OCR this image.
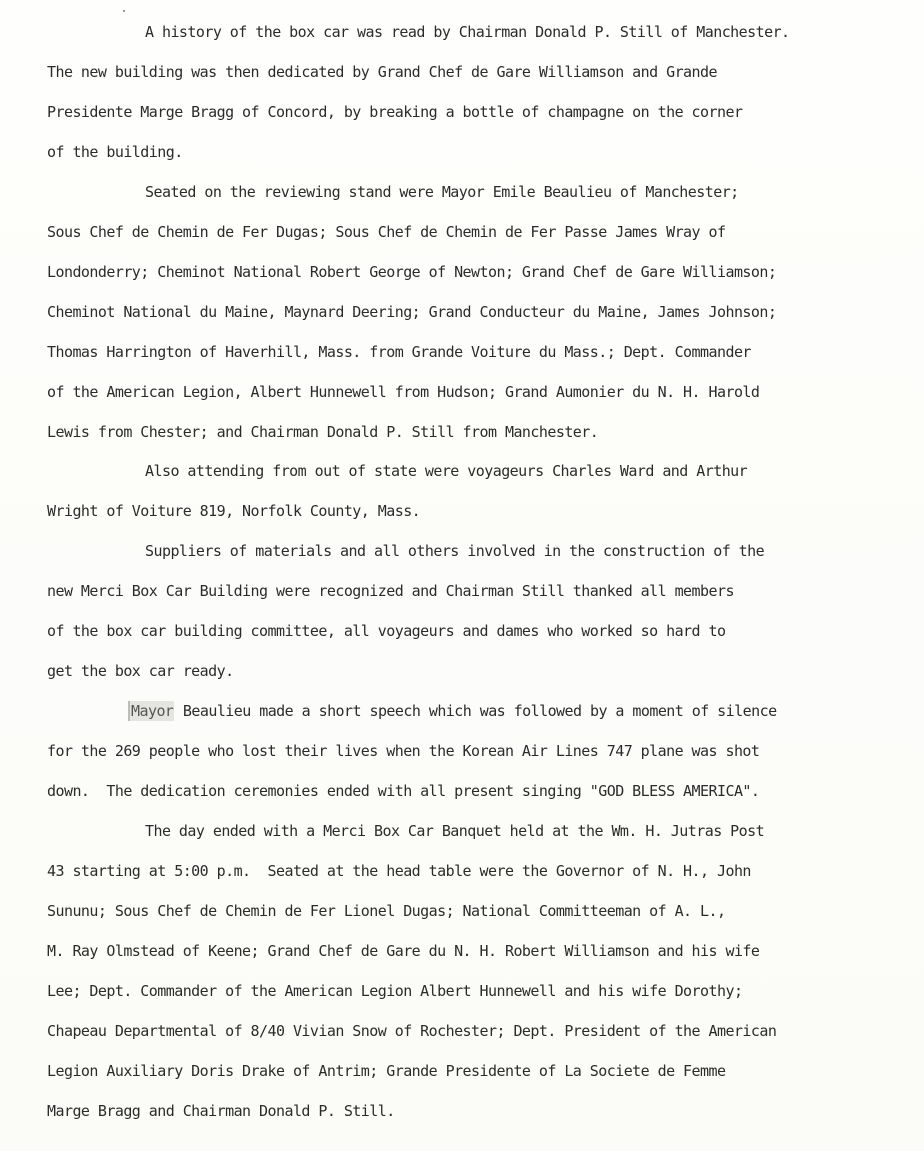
A history of the box car was read by Chairman Donald P. Still of Manchester.
The new building was then dedicated by Grand Chef de Gare Williamson and Grande
Presidente Marge Bragg of Concord, by breaking a bottle of champagne on the corner
of the building.
Seated on the reviewing stand were Mayor Emile Beaulieu of Manchester;
Sous Chef de Chemin de Fer Dugas; Sous Chef de Chemin de Fer Passe James Wray of
Londonderry; Cheminot National Robert George of Newton; Grand Chef de Gare Williamson;
Cheminot National du Maine, Maynard Deering; Grand Conducteur du Maine, James Johnson;
Thomas Harrington of Haverhill, Mass. from Grande Voiture du Mass.; Dept. Commander
of the American Legion, Albert Hunnewell from Hudson; Grand Aumonier du N. H. Harold
Lewis from Chester; and Chairman Donald P. Still from Manchester.
Also attending from out of state were voyageurs Charles Ward and Arthur
Wright of Voiture 819, Norfolk County, Mass.
Suppliers of materials and all others involved in the construction of the
new Merci Box Car Building were recognized and Chairman Still thanked all members
of the box car building committee, all voyageurs and dames who worked so hard to
get the box car ready.
Mayor Beaulieu made a short speech which was followed by a moment of silence
for the 269 people who lost their lives when the Korean Air Lines 747 plane was shot
down.  The dedication ceremonies ended with all present singing "GOD BLESS AMERICA".
The day ended with a Merci Box Car Banquet held at the Wm. H. Jutras Post
43 starting at 5:00 p.m.  Seated at the head table were the Governor of N. H., John
Sununu; Sous Chef de Chemin de Fer Lionel Dugas; National Committeeman of A. L.,
M. Ray Olmstead of Keene; Grand Chef de Gare du N. H. Robert Williamson and his wife
Lee; Dept. Commander of the American Legion Albert Hunnewell and his wife Dorothy;
Chapeau Departmental of 8/40 Vivian Snow of Rochester; Dept. President of the American
Legion Auxiliary Doris Drake of Antrim; Grande Presidente of La Societe de Femme
Marge Bragg and Chairman Donald P. Still.
